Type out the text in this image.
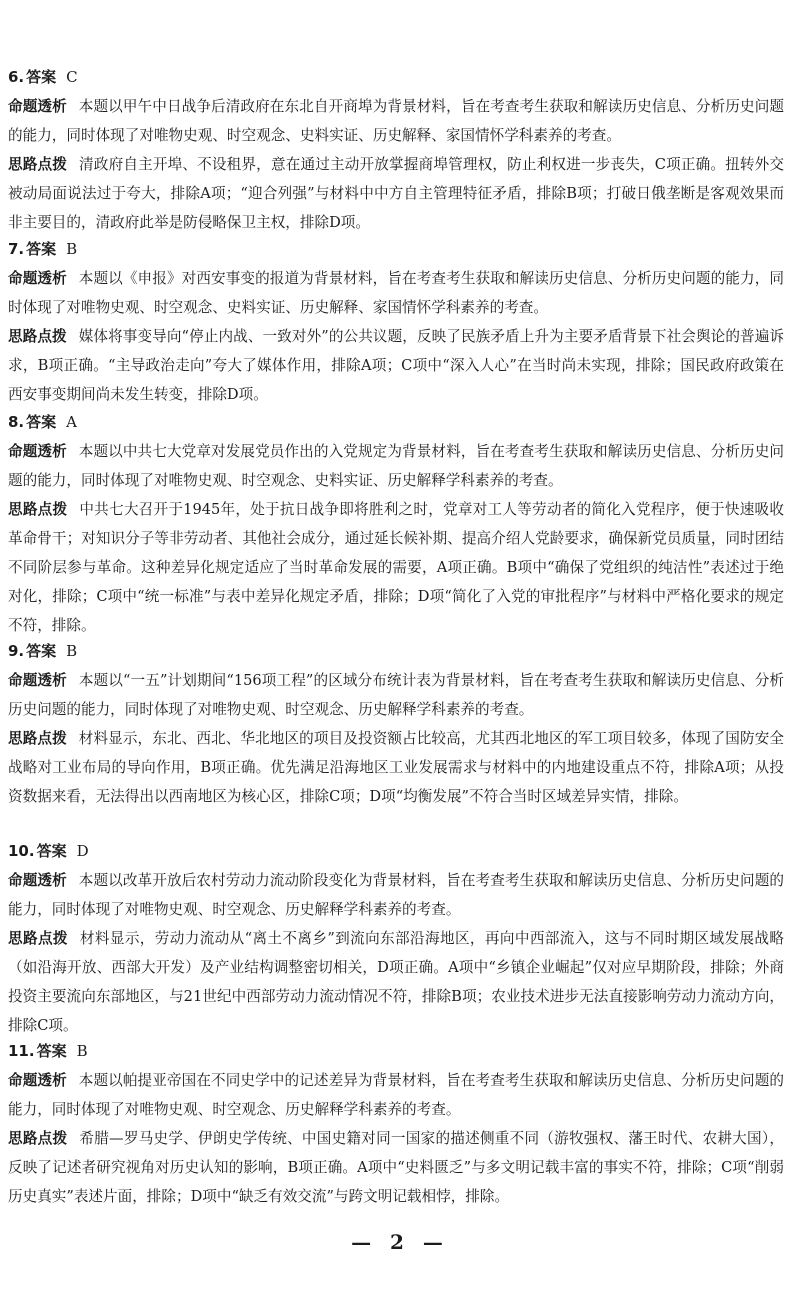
6. 答案 C

命题透析 本题以甲午中日战争后清政府在东北自开商埠为背景材料，旨在考查考生获取和解读历史信息、分析历史问题的能力，同时体现了对唯物史观、时空观念、史料实证、历史解释、家国情怀学科素养的考查。

思路点拨 清政府自主开埠、不设租界，意在通过主动开放掌握商埠管理权，防止利权进一步丧失，C项正确。扭转外交被动局面说法过于夸大，排除A项；“迎合列强”与材料中中方自主管理特征矛盾，排除B项；打破日俄垄断是客观效果而非主要目的，清政府此举是防侵略保卫主权，排除D项。

7. 答案 B

命题透析 本题以《申报》对西安事变的报道为背景材料，旨在考查考生获取和解读历史信息、分析历史问题的能力，同时体现了对唯物史观、时空观念、史料实证、历史解释、家国情怀学科素养的考查。

思路点拨 媒体将事变导向“停止内战、一致对外”的公共议题，反映了民族矛盾上升为主要矛盾背景下社会舆论的普遍诉求，B项正确。“主导政治走向”夸大了媒体作用，排除A项；C项中“深入人心”在当时尚未实现，排除；国民政府政策在西安事变期间尚未发生转变，排除D项。

8. 答案 A

命题透析 本题以中共七大党章对发展党员作出的入党规定为背景材料，旨在考查考生获取和解读历史信息、分析历史问题的能力，同时体现了对唯物史观、时空观念、史料实证、历史解释学科素养的考查。

思路点拨 中共七大召开于1945年，处于抗日战争即将胜利之时，党章对工人等劳动者的简化入党程序，便于快速吸收革命骨干；对知识分子等非劳动者、其他社会成分，通过延长候补期、提高介绍人党龄要求，确保新党员质量，同时团结不同阶层参与革命。这种差异化规定适应了当时革命发展的需要，A项正确。B项中“确保了党组织的纯洁性”表述过于绝对化，排除；C项中“统一标准”与表中差异化规定矛盾，排除；D项“简化了入党的审批程序”与材料中严格化要求的规定不符，排除。

9. 答案 B

命题透析 本题以“一五”计划期间“156项工程”的区域分布统计表为背景材料，旨在考查考生获取和解读历史信息、分析历史问题的能力，同时体现了对唯物史观、时空观念、历史解释学科素养的考查。

思路点拨 材料显示，东北、西北、华北地区的项目及投资额占比较高，尤其西北地区的军工项目较多，体现了国防安全战略对工业布局的导向作用，B项正确。优先满足沿海地区工业发展需求与材料中的内地建设重点不符，排除A项；从投资数据来看，无法得出以西南地区为核心区，排除C项；D项“均衡发展”不符合当时区域差异实情，排除。

10. 答案 D

命题透析 本题以改革开放后农村劳动力流动阶段变化为背景材料，旨在考查考生获取和解读历史信息、分析历史问题的能力，同时体现了对唯物史观、时空观念、历史解释学科素养的考查。

思路点拨 材料显示，劳动力流动从“离土不离乡”到流向东部沿海地区，再向中西部流入，这与不同时期区域发展战略（如沿海开放、西部大开发）及产业结构调整密切相关，D项正确。A项中“乡镇企业崛起”仅对应早期阶段，排除；外商投资主要流向东部地区，与21世纪中西部劳动力流动情况不符，排除B项；农业技术进步无法直接影响劳动力流动方向，排除C项。

11. 答案 B

命题透析 本题以帕提亚帝国在不同史学中的记述差异为背景材料，旨在考查考生获取和解读历史信息、分析历史问题的能力，同时体现了对唯物史观、时空观念、历史解释学科素养的考查。

思路点拨 希腊—罗马史学、伊朗史学传统、中国史籍对同一国家的描述侧重不同（游牧强权、藩王时代、农耕大国），反映了记述者研究视角对历史认知的影响，B项正确。A项中“史料匮乏”与多文明记载丰富的事实不符，排除；C项“削弱历史真实”表述片面，排除；D项中“缺乏有效交流”与跨文明记载相悖，排除。

— 2 —
